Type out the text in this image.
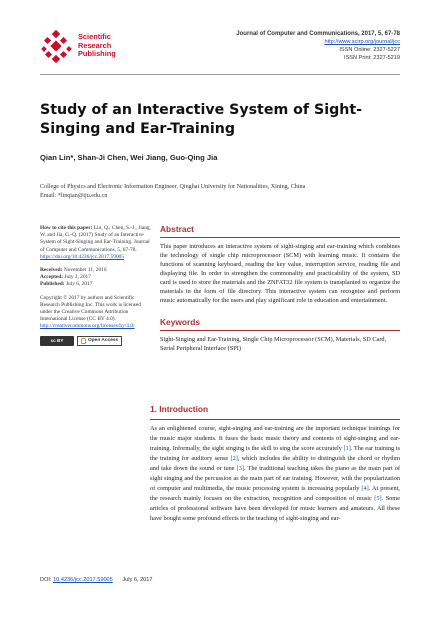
Scientific
Research
Publishing
Journal of Computer and Communications, 2017, 5, 67-78
http://www.scirp.org/journal/jcc
ISSN Online: 2327-5227
ISSN Print: 2327-5219
Study of an Interactive System of Sight-Singing and Ear-Training
Qian Lin*, Shan-Ji Chen, Wei Jiang, Guo-Qing Jia
College of Physics and Electronic Information Engineer, Qinghai University for Nationalities, Xining, China
Email: *linqian@tju.edu.cn
How to cite this paper: Lin, Q., Chen, S.-J., Jiang, W. and Jia, G.-Q. (2017) Study of an Interactive System of Sight-Singing and Ear-Training. Journal of Computer and Communications, 5, 67-78.
https://doi.org/10.4236/jcc.2017.59005
Received: November 11, 2016
Accepted: July 3, 2017
Published: July 6, 2017
Copyright © 2017 by authors and Scientific Research Publishing Inc. This work is licensed under the Creative Commons Attribution International License (CC BY 4.0).
http://creativecommons.org/licenses/by/4.0/
cc BY	Open Access
Abstract

This paper introduces an interactive system of sight-singing and ear-training which combines the technology of single chip microprocessor (SCM) with learning music. It contains the functions of scanning keyboard, reading the key value, interruption service, reading file and displaying file. In order to strengthen the commonality and practicability of the system, SD card is used to store the materials and the ZNFAT32 file system is transplanted to organize the materials in the form of file directory. This interactive system can recognize and perform music automatically for the users and play significant role in education and entertainment.

Keywords

Sight-Singing and Ear-Training, Single Chip Microprocessor (SCM), Materials, SD Card, Serial Peripheral Interface (SPI)

1. Introduction

As an enlightened course, sight-singing and ear-training are the important technique trainings for the music major students. It fuses the basic music theory and contents of sight-singing and ear-training. Informally, the sight singing is the skill to sing the score accurately [1]. The ear training is the training for auditory sense [2], which includes the ability to distinguish the chord or rhythm and take down the sound or tune [3]. The traditional teaching takes the piano as the main part of sight singing and the percussion as the main part of ear training. However, with the popularization of computer and multimedia, the music processing system is increasing popularly [4]. At present, the research mainly focuses on the extraction, recognition and composition of music [5]. Some articles of professional software have been developed for music learners and amateurs. All these have bought some profound effects to the teaching of sight-singing and ear-

DOI: 10.4236/jcc.2017.59005 July 6, 2017
